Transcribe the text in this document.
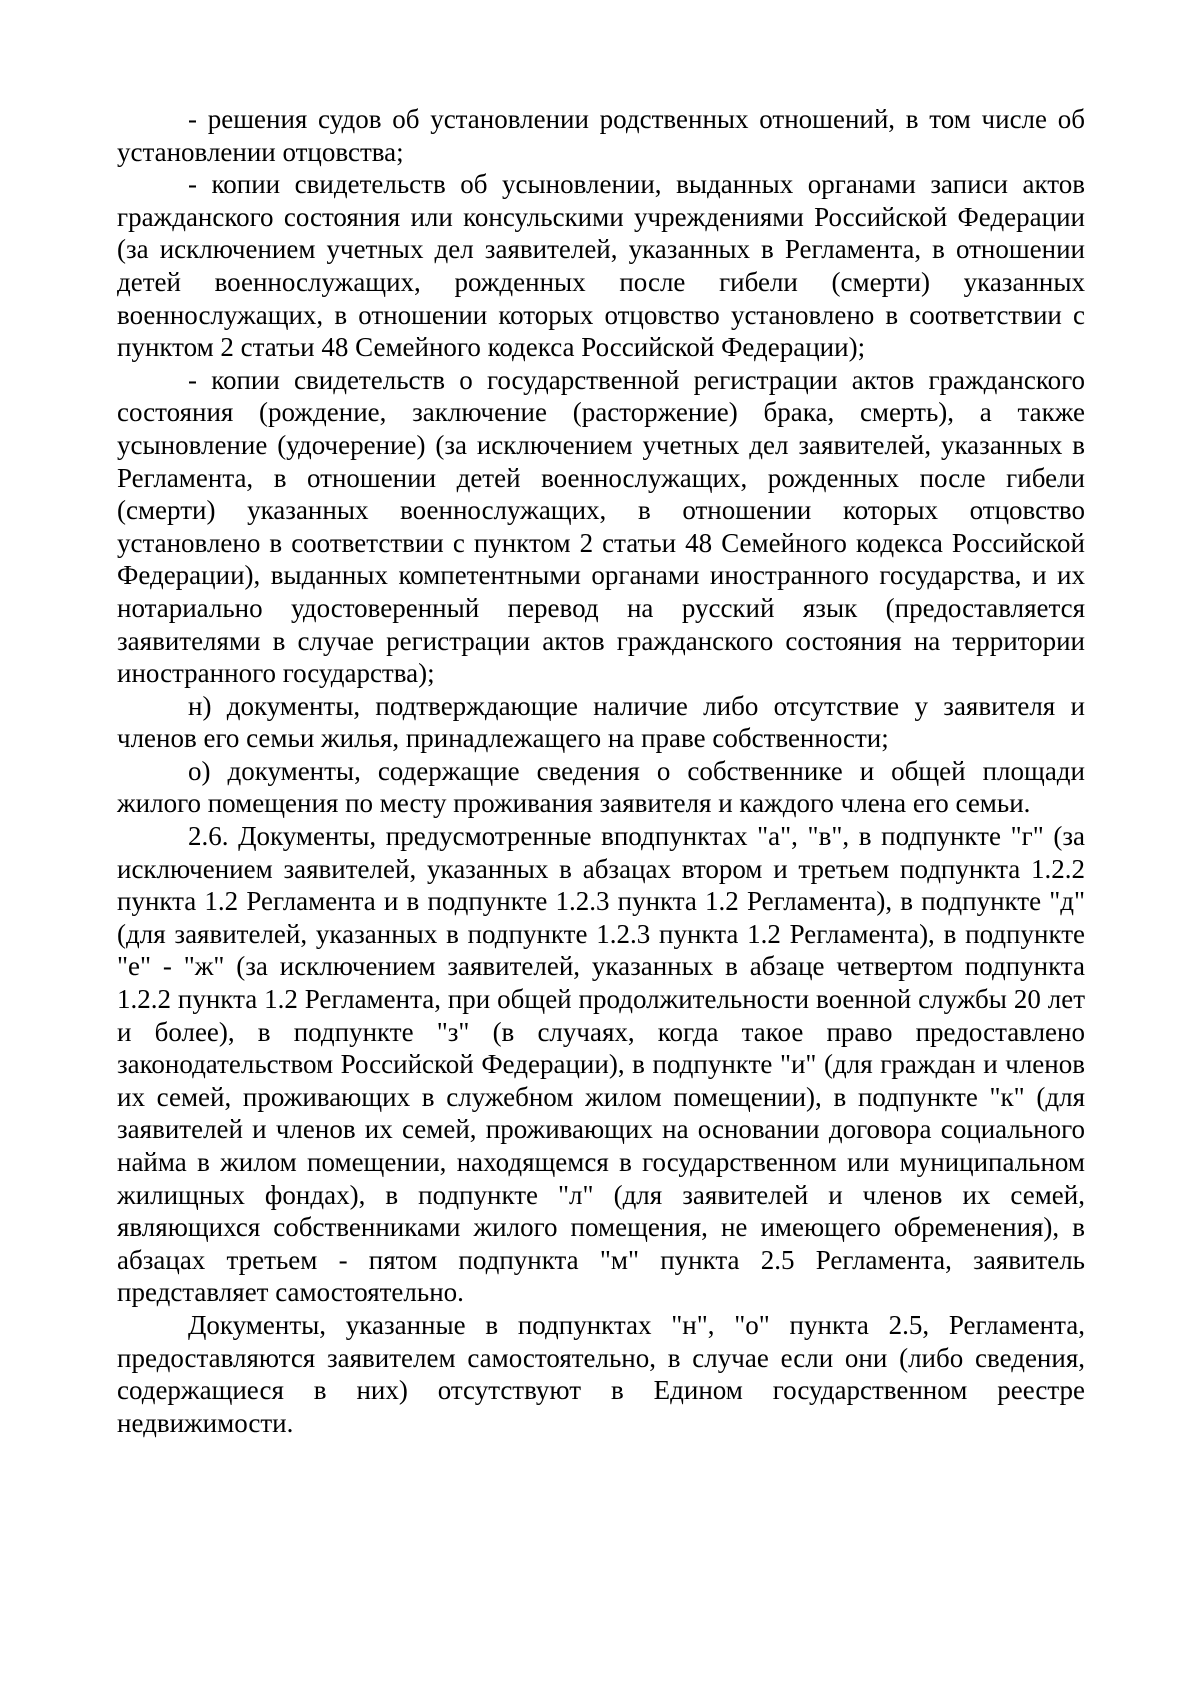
- решения судов об установлении родственных отношений, в том числе об установлении отцовства;

- копии свидетельств об усыновлении, выданных органами записи актов гражданского состояния или консульскими учреждениями Российской Федерации (за исключением учетных дел заявителей, указанных в Регламента, в отношении детей военнослужащих, рожденных после гибели (смерти) указанных военнослужащих, в отношении которых отцовство установлено в соответствии с пунктом 2 статьи 48 Семейного кодекса Российской Федерации);

- копии свидетельств о государственной регистрации актов гражданского состояния (рождение, заключение (расторжение) брака, смерть), а также усыновление (удочерение) (за исключением учетных дел заявителей, указанных в Регламента, в отношении детей военнослужащих, рожденных после гибели (смерти) указанных военнослужащих, в отношении которых отцовство установлено в соответствии с пунктом 2 статьи 48 Семейного кодекса Российской Федерации), выданных компетентными органами иностранного государства, и их нотариально удостоверенный перевод на русский язык (предоставляется заявителями в случае регистрации актов гражданского состояния на территории иностранного государства);

н) документы, подтверждающие наличие либо отсутствие у заявителя и членов его семьи жилья, принадлежащего на праве собственности;

о) документы, содержащие сведения о собственнике и общей площади жилого помещения по месту проживания заявителя и каждого члена его семьи.

2.6. Документы, предусмотренные вподпунктах "а", "в", в подпункте "г" (за исключением заявителей, указанных в абзацах втором и третьем подпункта 1.2.2 пункта 1.2 Регламента и в подпункте 1.2.3 пункта 1.2 Регламента), в подпункте "д" (для заявителей, указанных в подпункте 1.2.3 пункта 1.2 Регламента), в подпункте "е" - "ж" (за исключением заявителей, указанных в абзаце четвертом подпункта 1.2.2 пункта 1.2 Регламента, при общей продолжительности военной службы 20 лет и более), в подпункте "з" (в случаях, когда такое право предоставлено законодательством Российской Федерации), в подпункте "и" (для граждан и членов их семей, проживающих в служебном жилом помещении), в подпункте "к" (для заявителей и членов их семей, проживающих на основании договора социального найма в жилом помещении, находящемся в государственном или муниципальном жилищных фондах), в подпункте "л" (для заявителей и членов их семей, являющихся собственниками жилого помещения, не имеющего обременения), в абзацах третьем - пятом подпункта "м" пункта 2.5 Регламента, заявитель представляет самостоятельно.

Документы, указанные в подпунктах "н", "о" пункта 2.5, Регламента, предоставляются заявителем самостоятельно, в случае если они (либо сведения, содержащиеся в них) отсутствуют в Едином государственном реестре недвижимости.
